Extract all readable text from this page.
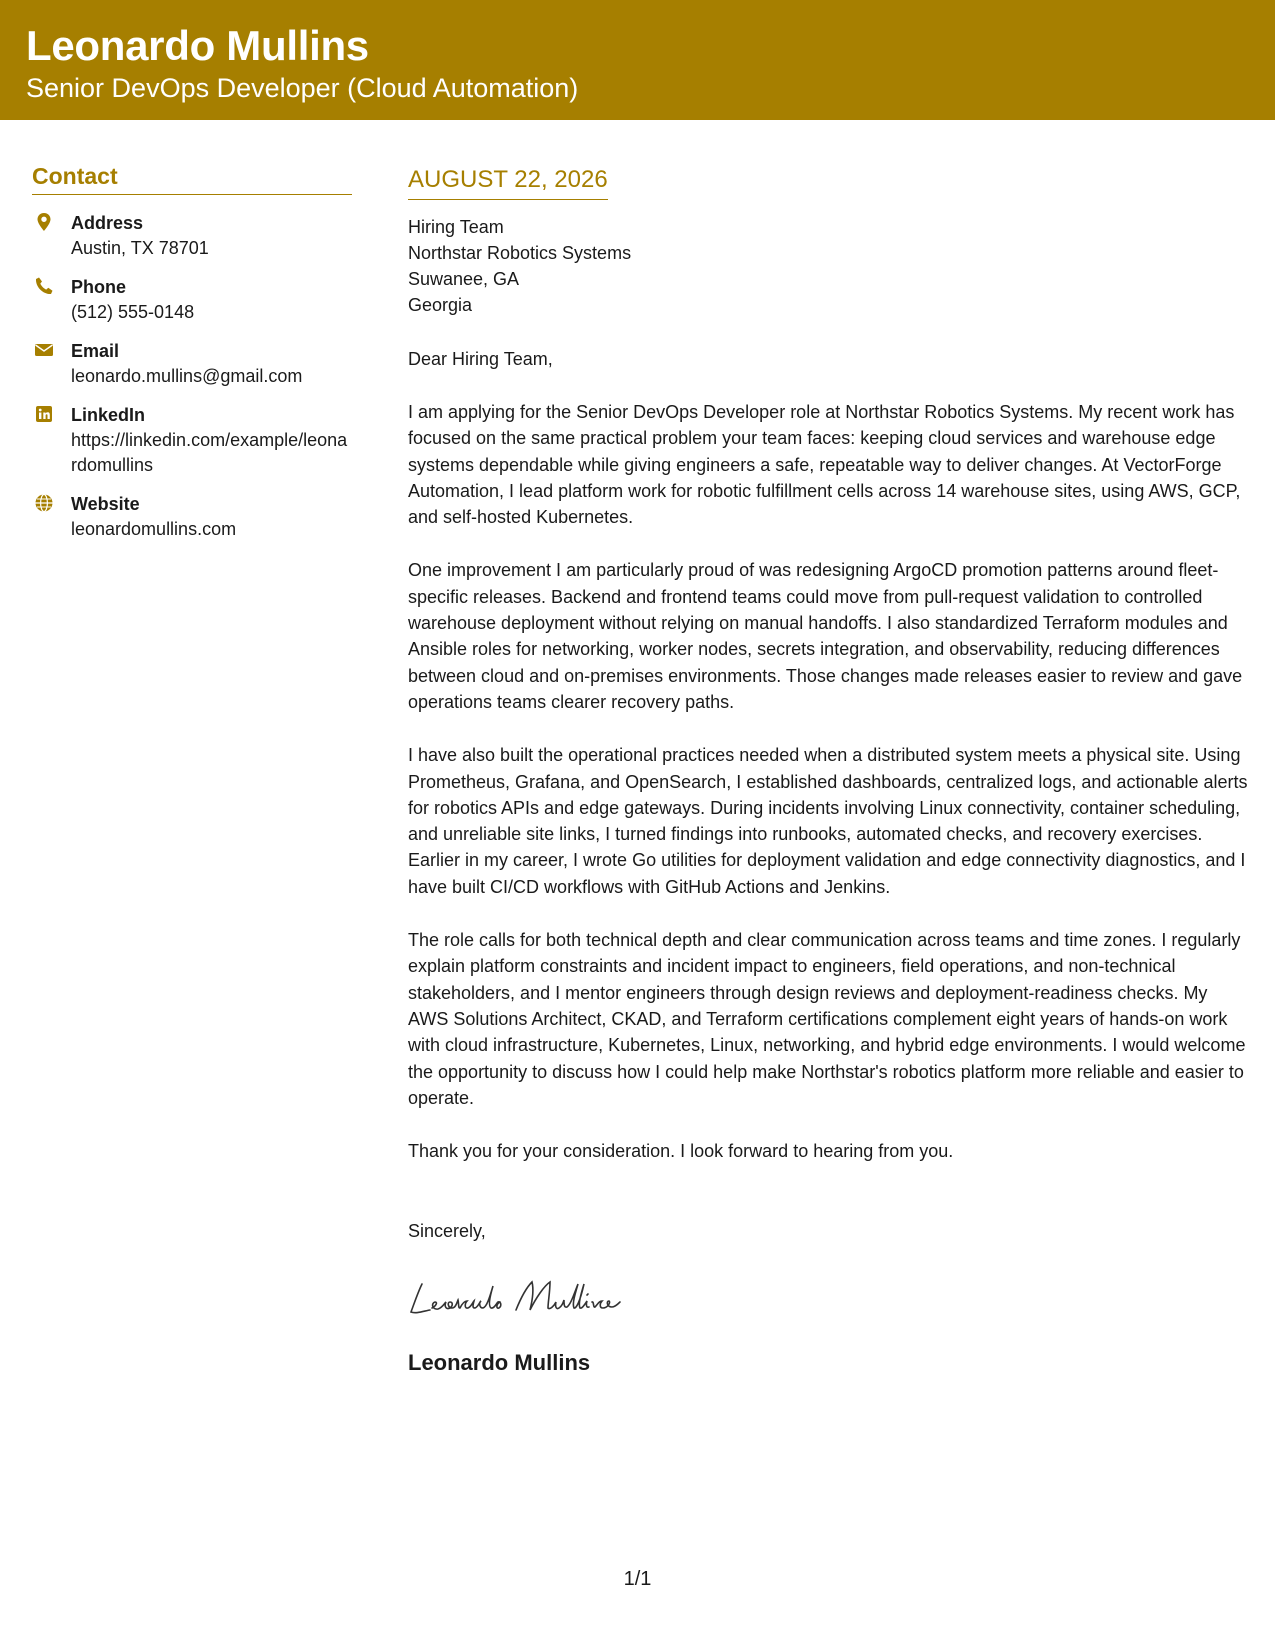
Leonardo Mullins
Senior DevOps Developer (Cloud Automation)
Contact
Address
Austin, TX 78701
Phone
(512) 555-0148
Email
leonardo.mullins@gmail.com
LinkedIn
https://linkedin.com/example/leonardomullins
Website
leonardomullins.com
AUGUST 22, 2026
Hiring Team
Northstar Robotics Systems
Suwanee, GA
Georgia
Dear Hiring Team,
I am applying for the Senior DevOps Developer role at Northstar Robotics Systems. My recent work has focused on the same practical problem your team faces: keeping cloud services and warehouse edge systems dependable while giving engineers a safe, repeatable way to deliver changes. At VectorForge Automation, I lead platform work for robotic fulfillment cells across 14 warehouse sites, using AWS, GCP, and self-hosted Kubernetes.
One improvement I am particularly proud of was redesigning ArgoCD promotion patterns around fleet-specific releases. Backend and frontend teams could move from pull-request validation to controlled warehouse deployment without relying on manual handoffs. I also standardized Terraform modules and Ansible roles for networking, worker nodes, secrets integration, and observability, reducing differences between cloud and on-premises environments. Those changes made releases easier to review and gave operations teams clearer recovery paths.
I have also built the operational practices needed when a distributed system meets a physical site. Using Prometheus, Grafana, and OpenSearch, I established dashboards, centralized logs, and actionable alerts for robotics APIs and edge gateways. During incidents involving Linux connectivity, container scheduling, and unreliable site links, I turned findings into runbooks, automated checks, and recovery exercises. Earlier in my career, I wrote Go utilities for deployment validation and edge connectivity diagnostics, and I have built CI/CD workflows with GitHub Actions and Jenkins.
The role calls for both technical depth and clear communication across teams and time zones. I regularly explain platform constraints and incident impact to engineers, field operations, and non-technical stakeholders, and I mentor engineers through design reviews and deployment-readiness checks. My AWS Solutions Architect, CKAD, and Terraform certifications complement eight years of hands-on work with cloud infrastructure, Kubernetes, Linux, networking, and hybrid edge environments. I would welcome the opportunity to discuss how I could help make Northstar's robotics platform more reliable and easier to operate.
Thank you for your consideration. I look forward to hearing from you.
Sincerely,
Leonardo Mullins
1/1
